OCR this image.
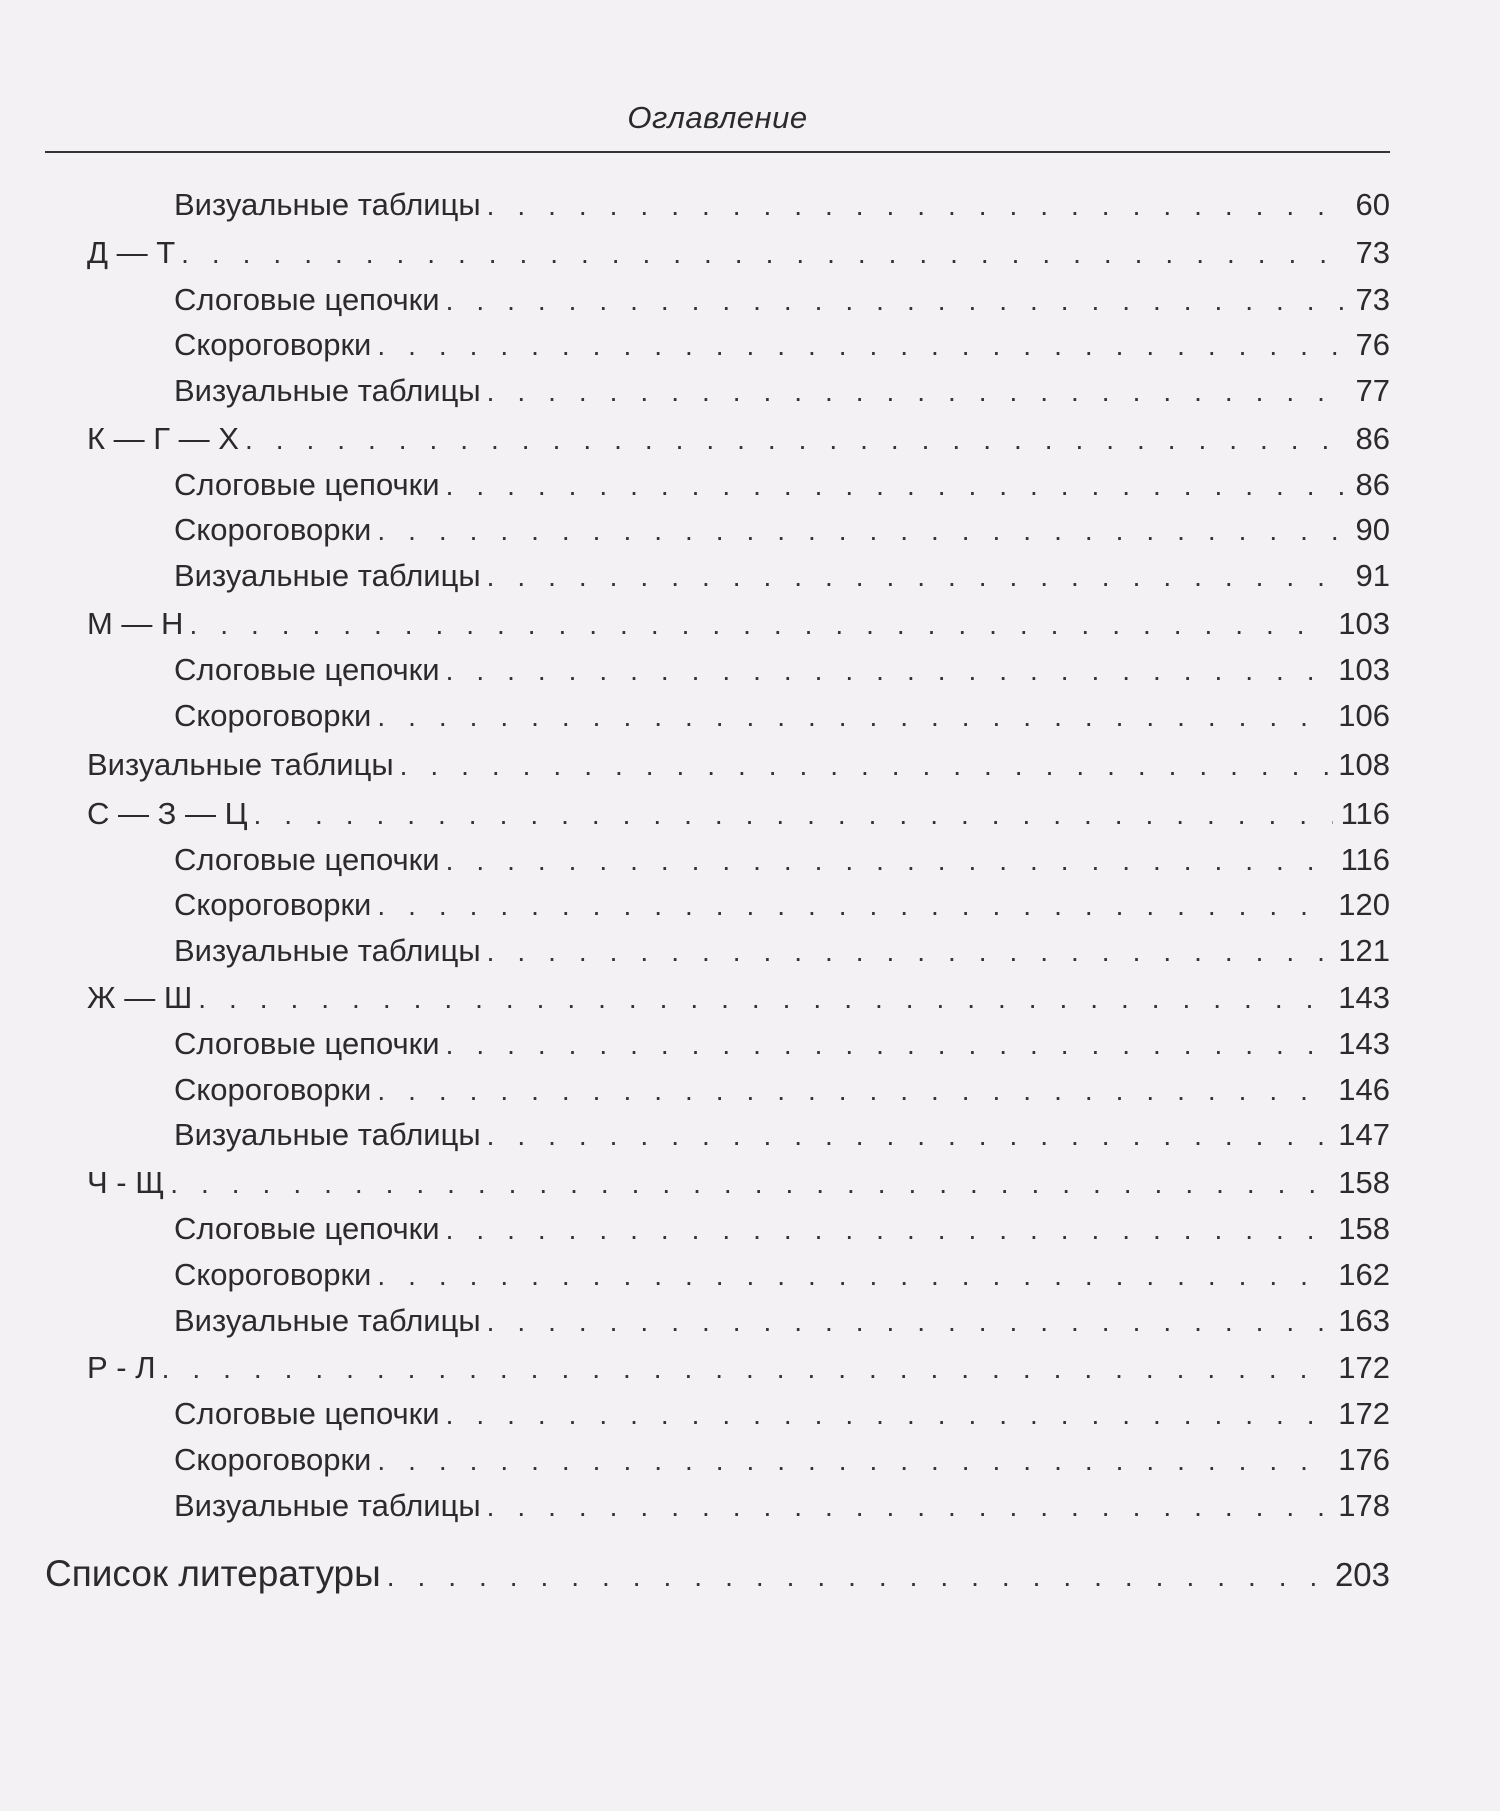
Оглавление
Визуальные таблицы . . .	60
Д — Т . . .	73
Слоговые цепочки . . .	73
Скороговорки . . .	76
Визуальные таблицы . . .	77
К — Г — Х . . .	86
Слоговые цепочки . . .	86
Скороговорки . . .	90
Визуальные таблицы . . .	91
М — Н . . .	103
Слоговые цепочки . . .	103
Скороговорки . . .	106
Визуальные таблицы . . .	108
С — З — Ц . . .	116
Слоговые цепочки . . .	116
Скороговорки . . .	120
Визуальные таблицы . . .	121
Ж — Ш . . .	143
Слоговые цепочки . . .	143
Скороговорки . . .	146
Визуальные таблицы . . .	147
Ч - Щ . . .	158
Слоговые цепочки . . .	158
Скороговорки . . .	162
Визуальные таблицы . . .	163
Р - Л . . .	172
Слоговые цепочки . . .	172
Скороговорки . . .	176
Визуальные таблицы . . .	178
Список литературы . . .	203
